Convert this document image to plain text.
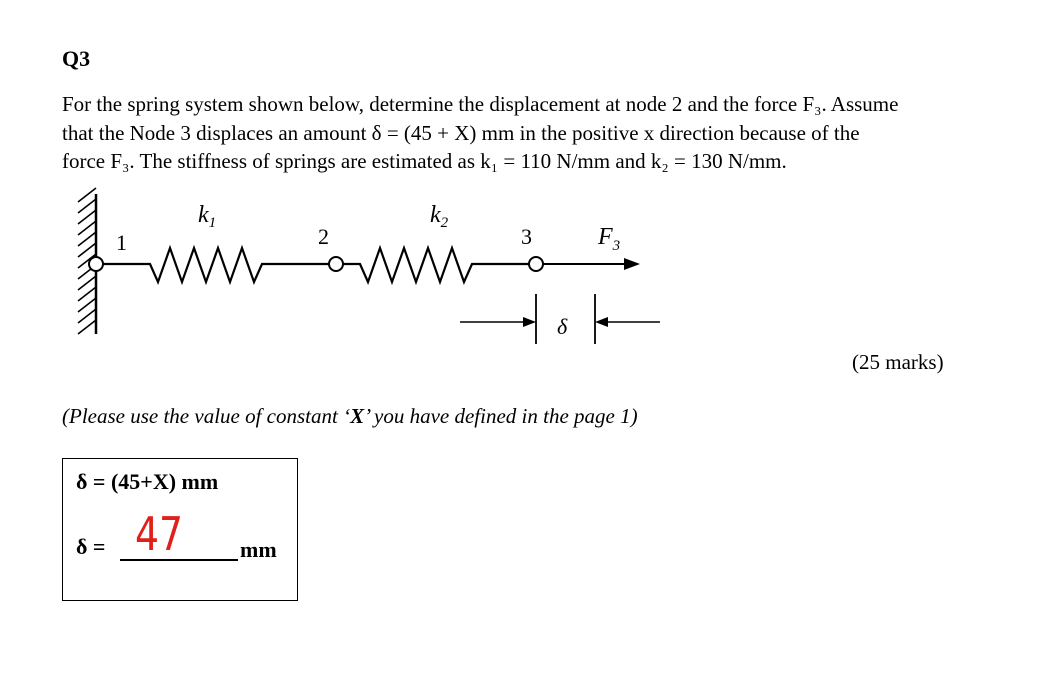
Q3
For the spring system shown below, determine the displacement at node 2 and the force F₃. Assume
that the Node 3 displaces an amount δ = (45 + X) mm in the positive x direction because of the
force F₃. The stiffness of springs are estimated as k₁ = 110 N/mm and k₂ = 130 N/mm.
1	2	3
$k_1$	$k_2$
$F_3$
δ
(25 marks)
(Please use the value of constant ‘X’ you have defined in the page 1)
δ = (45+X) mm
δ = 47	mm
